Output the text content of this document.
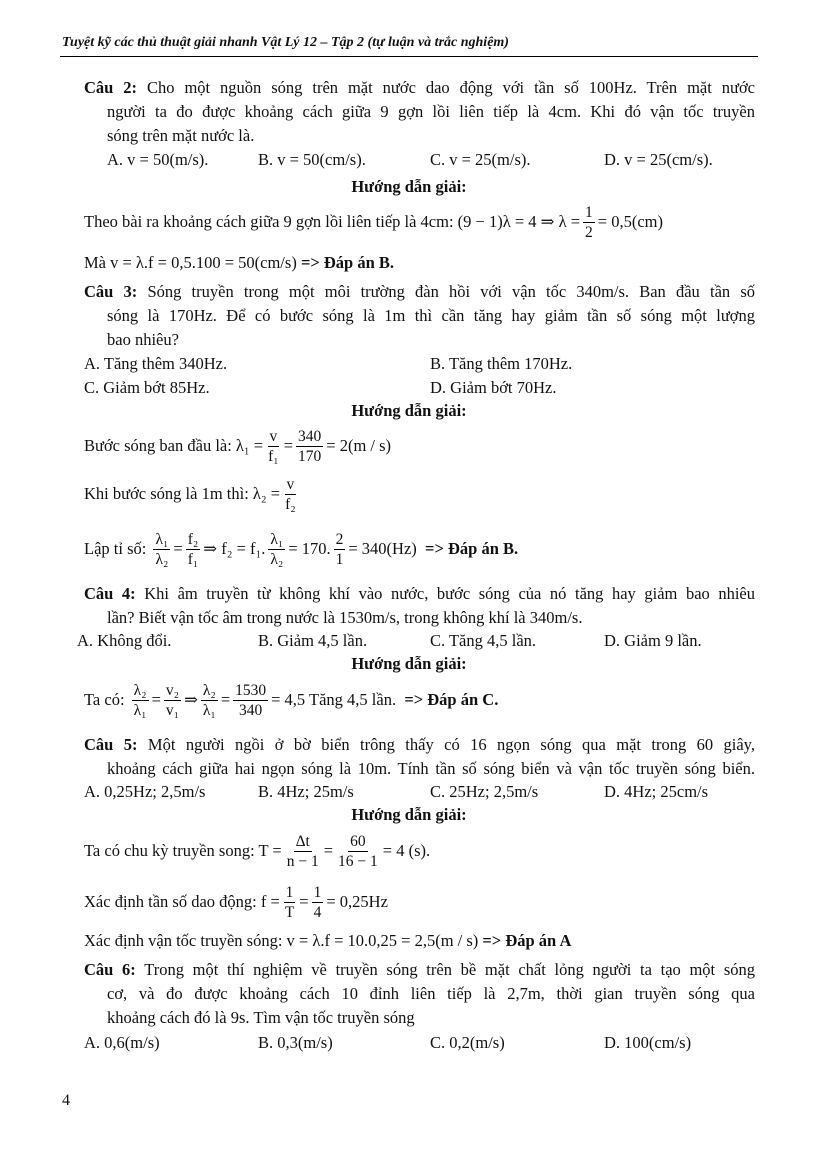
Tuyệt kỹ các thủ thuật giải nhanh Vật Lý 12 – Tập 2 (tự luận và trắc nghiệm)
Câu 2: Cho một nguồn sóng trên mặt nước dao động với tần số 100Hz. Trên mặt nước
người ta đo được khoảng cách giữa 9 gợn lồi liên tiếp là 4cm. Khi đó vận tốc truyền
sóng trên mặt nước là.
A. v = 50(m/s).	B. v = 50(cm/s).	C. v = 25(m/s).	D. v = 25(cm/s).
Hướng dẫn giải:
Theo bài ra khoảng cách giữa 9 gợn lồi liên tiếp là 4cm: (9 − 1)λ = 4 ⇒ $\lambda = \frac{1}{2} = 0,5(cm)$
Mà v = λ.f = 0,5.100 = 50(cm/s)
=> Đáp án B.
Câu 3: Sóng truyền trong một môi trường đàn hồi với vận tốc 340m/s. Ban đầu tần số
sóng là 170Hz. Để có bước sóng là 1m thì cần tăng hay giảm tần số sóng một lượng
bao nhiêu?
A. Tăng thêm 340Hz.	B. Tăng thêm 170Hz.
C. Giảm bớt 85Hz.	D. Giảm bớt 70Hz.
Hướng dẫn giải:
Bước sóng ban đầu là: $\lambda_1 = \frac{v}{\text{f₁}} = \frac{340}{170} = 2(m / s)$
Khi bước sóng là 1m thì: $\lambda_2 = \frac{v}{\text{f₂}}$
Lập tỉ số:
$\frac{\text{λ₁}}{\text{λ₂}} = \frac{\text{f₂}}{\text{f₁}}$ ⇒ f₂ = f₁. $\frac{\text{λ₁}}{\text{λ₂}} = 170$. $\frac{2}{1} = 340(Hz)$
=> Đáp án B.
Câu 4: Khi âm truyền từ không khí vào nước, bước sóng của nó tăng hay giảm bao nhiêu
lần? Biết vận tốc âm trong nước là 1530m/s, trong không khí là 340m/s.
A. Không đổi.	B. Giảm 4,5 lần.	C. Tăng 4,5 lần.	D. Giảm 9 lần.
Hướng dẫn giải:
Ta có:
$\frac{\text{λ₂}}{\text{λ₁}} = \frac{\text{v₂}}{\text{v₁}}$ ⇒ $\frac{\text{λ₂}}{\text{λ₁}} = \frac{1530}{340} = 4,5$ Tăng 4,5 lần.
=> Đáp án C.
Câu 5: Một người ngồi ở bờ biển trông thấy có 16 ngọn sóng qua mặt trong 60 giây,
khoảng cách giữa hai ngọn sóng là 10m. Tính tần số sóng biển và vận tốc truyền sóng biển.
A. 0,25Hz; 2,5m/s	B. 4Hz; 25m/s	C. 25Hz; 2,5m/s	D. 4Hz; 25cm/s
Hướng dẫn giải:
Ta có chu kỳ truyền song: $T = \frac{\Delta t}{n - 1} = \frac{60}{16 - 1} = 4$ (s).
Xác định tần số dao động: $f = \frac{1}{T} = \frac{1}{4} = 0,25Hz$
Xác định vận tốc truyền sóng: v = λ.f = 10.0,25 = 2,5(m / s)
=> Đáp án A
Câu 6: Trong một thí nghiệm về truyền sóng trên bề mặt chất lỏng người ta tạo một sóng
cơ, và đo được khoảng cách 10 đỉnh liên tiếp là 2,7m, thời gian truyền sóng qua
khoảng cách đó là 9s. Tìm vận tốc truyền sóng
A. 0,6(m/s)	B. 0,3(m/s)	C. 0,2(m/s)	D. 100(cm/s)
4
